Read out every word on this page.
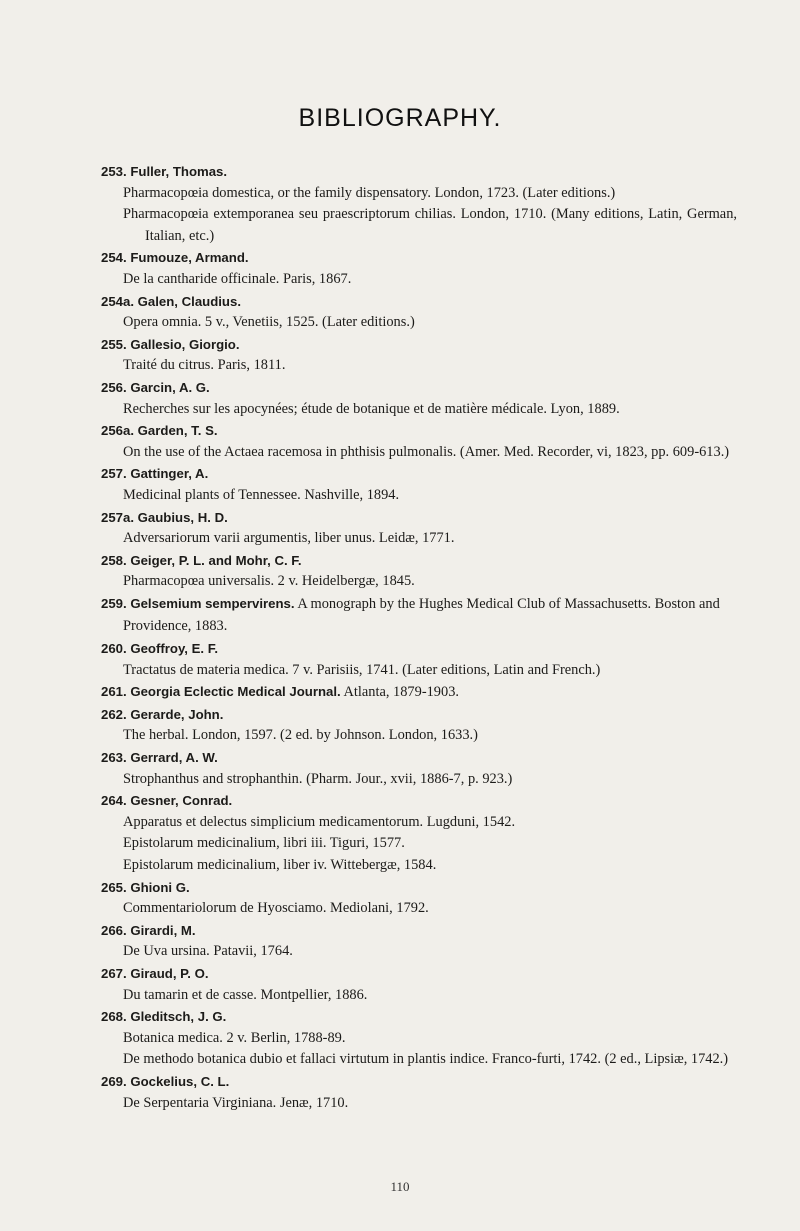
BIBLIOGRAPHY.
253. Fuller, Thomas.
Pharmacopœia domestica, or the family dispensatory. London, 1723. (Later editions.)
Pharmacopœia extemporanea seu praescriptorum chilias. London, 1710. (Many editions, Latin, German, Italian, etc.)
254. Fumouze, Armand.
De la cantharide officinale. Paris, 1867.
254a. Galen, Claudius.
Opera omnia. 5 v., Venetiis, 1525. (Later editions.)
255. Gallesio, Giorgio.
Traité du citrus. Paris, 1811.
256. Garcin, A. G.
Recherches sur les apocynées; étude de botanique et de matière médicale. Lyon, 1889.
256a. Garden, T. S.
On the use of the Actaea racemosa in phthisis pulmonalis. (Amer. Med. Recorder, vi, 1823, pp. 609-613.)
257. Gattinger, A.
Medicinal plants of Tennessee. Nashville, 1894.
257a. Gaubius, H. D.
Adversariorum varii argumentis, liber unus. Leidæ, 1771.
258. Geiger, P. L. and Mohr, C. F.
Pharmacopœa universalis. 2 v. Heidelbergæ, 1845.
259. Gelsemium sempervirens. A monograph by the Hughes Medical Club of Massachusetts. Boston and Providence, 1883.
260. Geoffroy, E. F.
Tractatus de materia medica. 7 v. Parisiis, 1741. (Later editions, Latin and French.)
261. Georgia Eclectic Medical Journal. Atlanta, 1879-1903.
262. Gerarde, John.
The herbal. London, 1597. (2 ed. by Johnson. London, 1633.)
263. Gerrard, A. W.
Strophanthus and strophanthin. (Pharm. Jour., xvii, 1886-7, p. 923.)
264. Gesner, Conrad.
Apparatus et delectus simplicium medicamentorum. Lugduni, 1542.
Epistolarum medicinalium, libri iii. Tiguri, 1577.
Epistolarum medicinalium, liber iv. Wittebergæ, 1584.
265. Ghioni G.
Commentariolorum de Hyosciamo. Mediolani, 1792.
266. Girardi, M.
De Uva ursina. Patavii, 1764.
267. Giraud, P. O.
Du tamarin et de casse. Montpellier, 1886.
268. Gleditsch, J. G.
Botanica medica. 2 v. Berlin, 1788-89.
De methodo botanica dubio et fallaci virtutum in plantis indice. Franco-furti, 1742. (2 ed., Lipsiæ, 1742.)
269. Gockelius, C. L.
De Serpentaria Virginiana. Jenæ, 1710.
110
